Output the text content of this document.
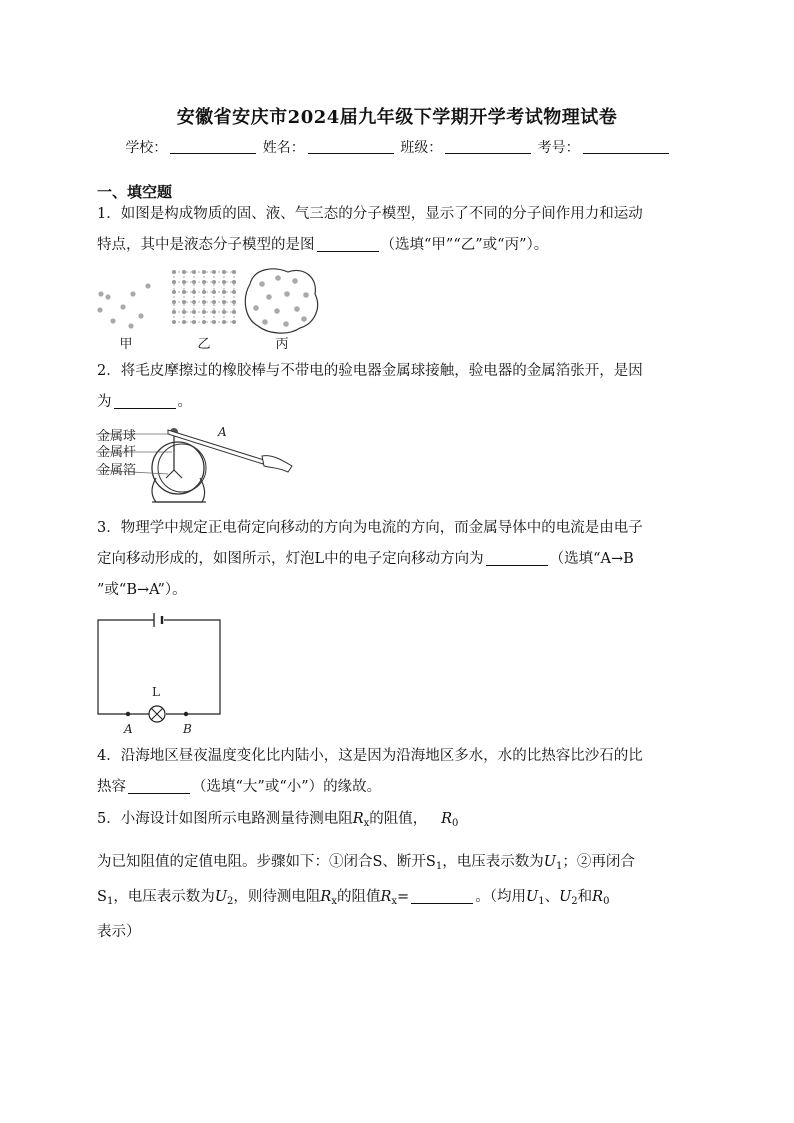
安徽省安庆市2024届九年级下学期开学考试物理试卷
学校：	姓名：	班级：	考号：
一、填空题
1．如图是构成物质的固、液、气三态的分子模型，显示了不同的分子间作用力和运动
特点，其中是液态分子模型的是图	（选填“甲”“乙”或“丙”）。
甲	乙	丙
2．将毛皮摩擦过的橡胶棒与不带电的验电器金属球接触，验电器的金属箔张开，是因
为	。
金属球
金属杆
金属箔
A
3．物理学中规定正电荷定向移动的方向为电流的方向，而金属导体中的电流是由电子
定向移动形成的，如图所示，灯泡L中的电子定向移动方向为	（选填“A→B
”或“B→A”）。
L
A	B
4．沿海地区昼夜温度变化比内陆小，这是因为沿海地区多水，水的比热容比沙石的比
热容	（选填“大”或“小”）的缘故。
5．小海设计如图所示电路测量待测电阻$R_x$的阻值， $R_0$
为已知阻值的定值电阻。步骤如下：①闭合S、断开$S_1$，电压表示数为$U_1$；②再闭合
$S_1$，电压表示数为$U_2$，则待测电阻$R_x$的阻值$R_x=$	。（均用$U_1$、$U_2$和$R_0$
表示）
